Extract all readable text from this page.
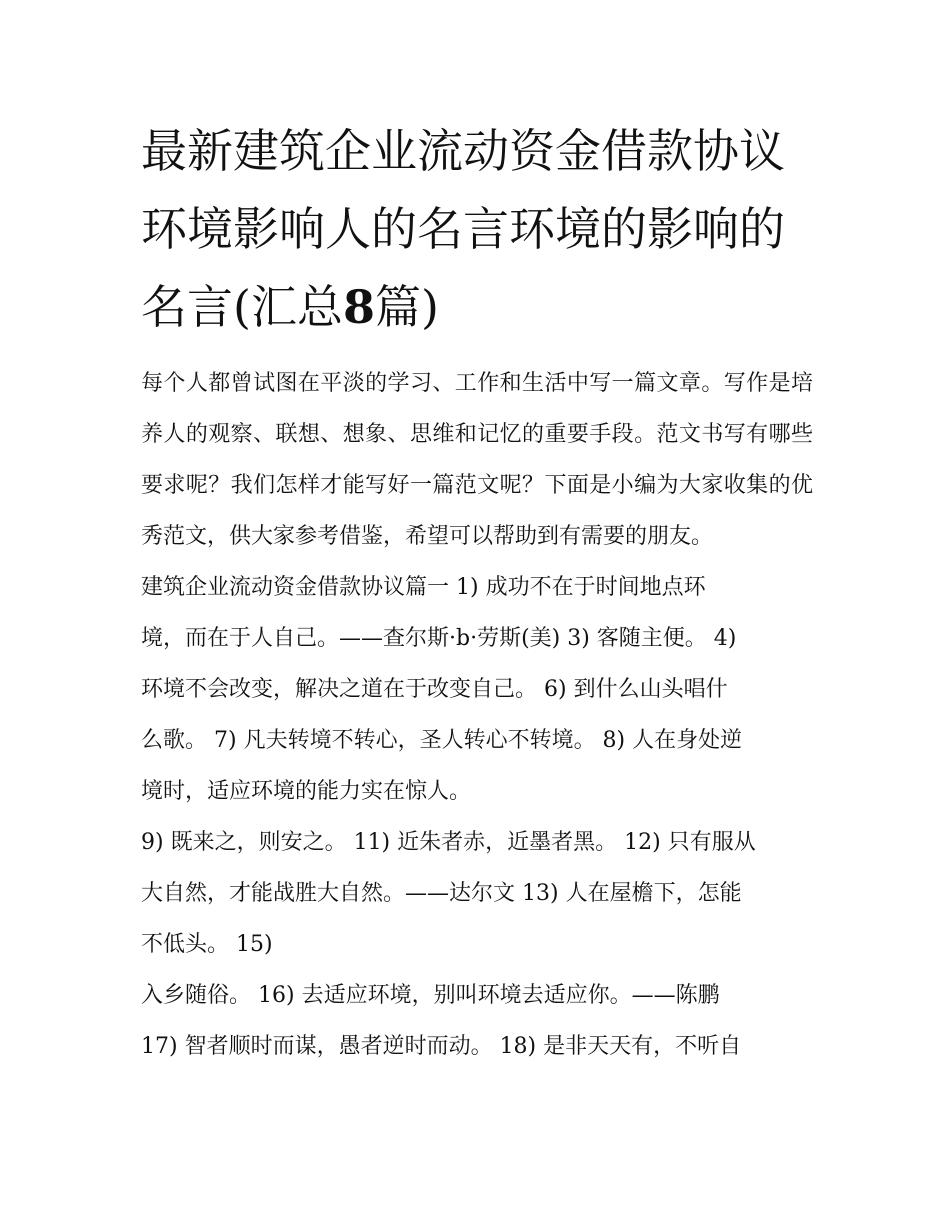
最新建筑企业流动资金借款协议 环境影响人的名言环境的影响的名言(汇总8篇)

每个人都曾试图在平淡的学习、工作和生活中写一篇文章。写作是培养人的观察、联想、想象、思维和记忆的重要手段。范文书写有哪些要求呢？我们怎样才能写好一篇范文呢？下面是小编为大家收集的优秀范文，供大家参考借鉴，希望可以帮助到有需要的朋友。

建筑企业流动资金借款协议篇一 1) 成功不在于时间地点环
境，而在于人自己。——查尔斯·b·劳斯(美) 3) 客随主便。 4)
环境不会改变，解决之道在于改变自己。 6) 到什么山头唱什
么歌。 7) 凡夫转境不转心，圣人转心不转境。 8) 人在身处逆
境时，适应环境的能力实在惊人。
9) 既来之，则安之。 11) 近朱者赤，近墨者黑。 12) 只有服从
大自然，才能战胜大自然。——达尔文 13) 人在屋檐下，怎能
不低头。 15)
入乡随俗。 16) 去适应环境，别叫环境去适应你。——陈鹏
17) 智者顺时而谋，愚者逆时而动。 18) 是非天天有，不听自
